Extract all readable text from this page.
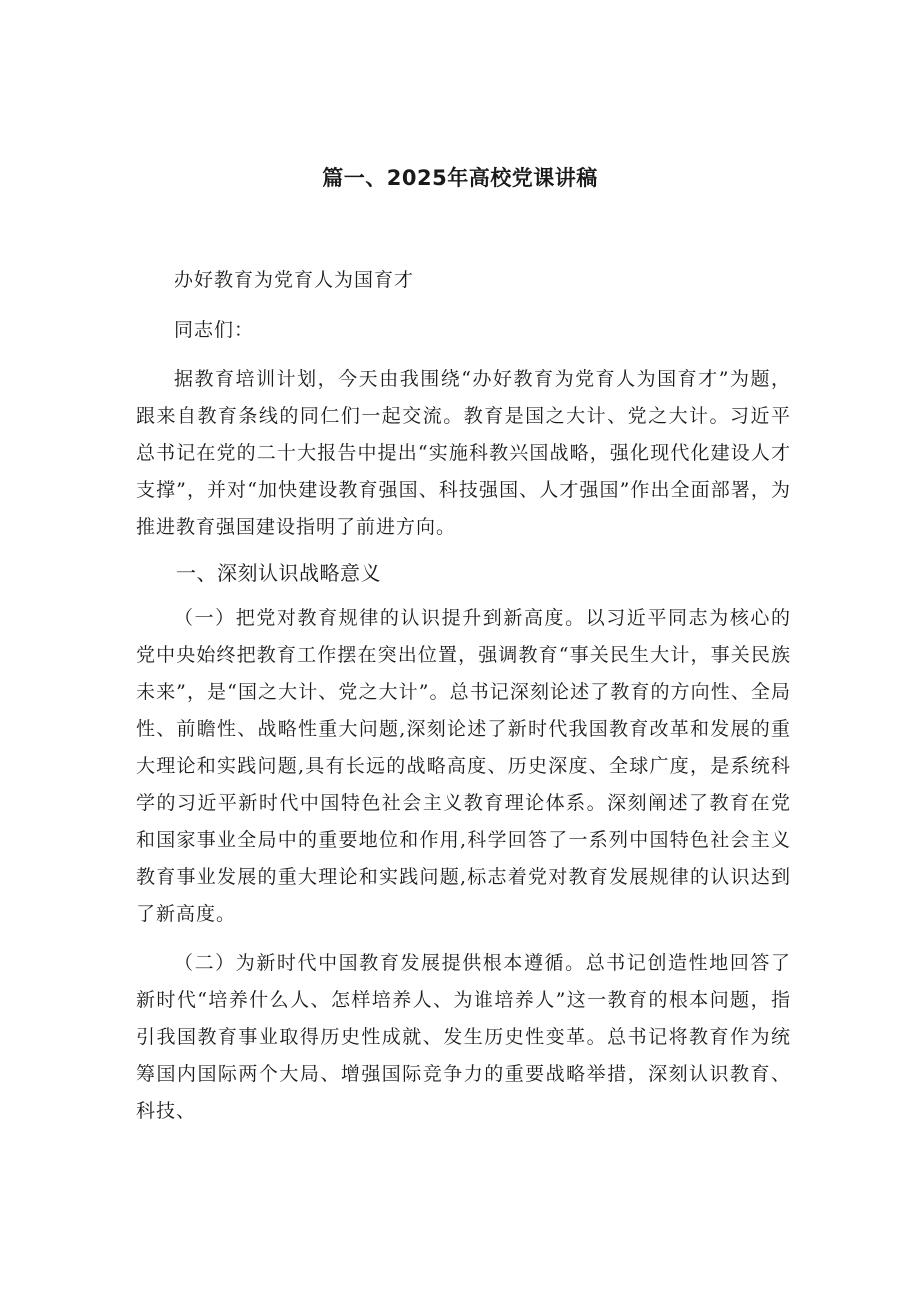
篇一、2025年高校党课讲稿

办好教育为党育人为国育才

同志们：

据教育培训计划，今天由我围绕“办好教育为党育人为国育才”为题，跟来自教育条线的同仁们一起交流。教育是国之大计、党之大计。习近平总书记在党的二十大报告中提出“实施科教兴国战略，强化现代化建设人才支撑”，并对“加快建设教育强国、科技强国、人才强国”作出全面部署，为推进教育强国建设指明了前进方向。

一、深刻认识战略意义

（一）把党对教育规律的认识提升到新高度。以习近平同志为核心的党中央始终把教育工作摆在突出位置，强调教育“事关民生大计，事关民族未来”，是“国之大计、党之大计”。总书记深刻论述了教育的方向性、全局性、前瞻性、战略性重大问题,深刻论述了新时代我国教育改革和发展的重大理论和实践问题,具有长远的战略高度、历史深度、全球广度，是系统科学的习近平新时代中国特色社会主义教育理论体系。深刻阐述了教育在党和国家事业全局中的重要地位和作用,科学回答了一系列中国特色社会主义教育事业发展的重大理论和实践问题,标志着党对教育发展规律的认识达到了新高度。

（二）为新时代中国教育发展提供根本遵循。总书记创造性地回答了新时代“培养什么人、怎样培养人、为谁培养人”这一教育的根本问题，指引我国教育事业取得历史性成就、发生历史性变革。总书记将教育作为统筹国内国际两个大局、增强国际竞争力的重要战略举措，深刻认识教育、科技、
